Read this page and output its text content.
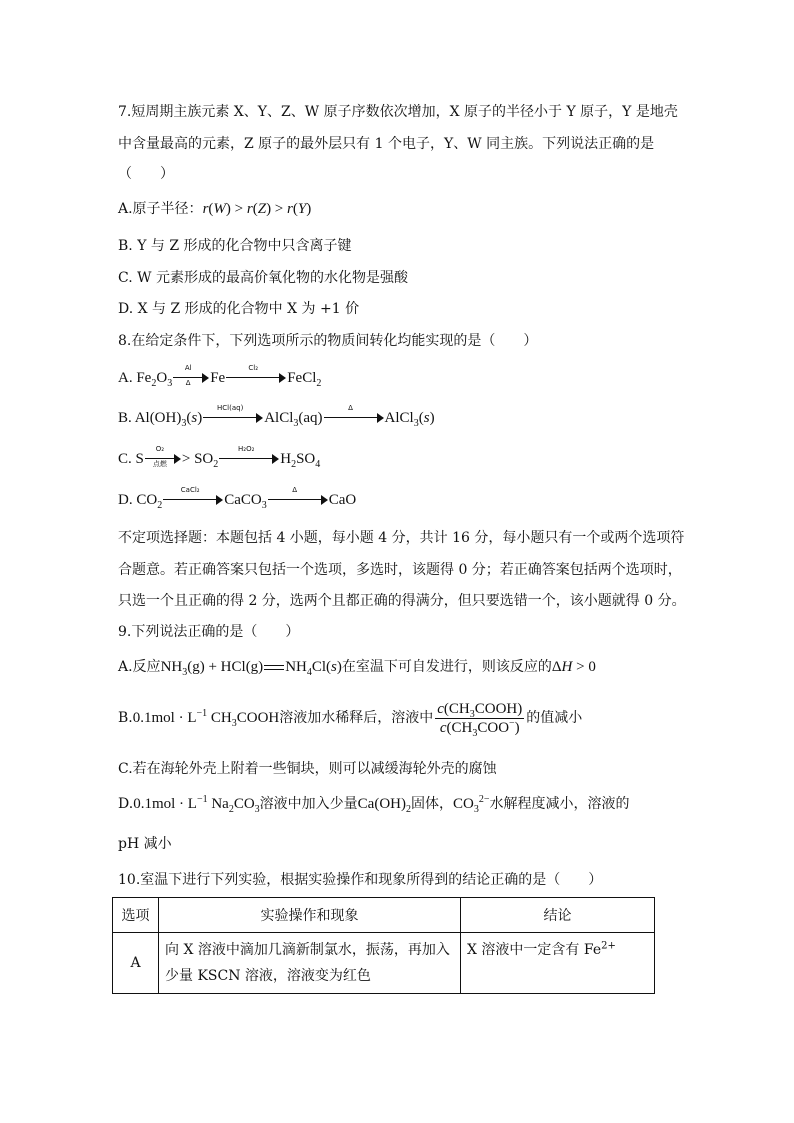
7.短周期主族元素 X、Y、Z、W 原子序数依次增加，X 原子的半径小于 Y 原子，Y 是地壳
中含量最高的元素，Z 原子的最外层只有 1 个电子，Y、W 同主族。下列说法正确的是
（　　）
A.原子半径：r(W) > r(Z) > r(Y)
B. Y 与 Z 形成的化合物中只含离子键
C. W 元素形成的最高价氧化物的水化物是强酸
D. X 与 Z 形成的化合物中 X 为 +1 价
8.在给定条件下，下列选项所示的物质间转化均能实现的是（　　）
A. $Fe_2O_3$
$\frac{Al}{\Delta}$ Fe
Cl₂
FeCl$_2$
B. $Al(OH)_3(s)$
HCl(aq)
AlCl$_3$(aq)
Δ
AlCl$_3$(s)
C. S
O₂
点燃	> $SO_2$
H₂O₂
$H_2SO_4$
D. $CO_2$
CaCl₂
CaCO$_3$
Δ
CaO
不定项选择题：本题包括 4 小题，每小题 4 分，共计 16 分，每小题只有一个或两个选项符
合题意。若正确答案只包括一个选项，多选时，该题得 0 分；若正确答案包括两个选项时，
只选一个且正确的得 2 分，选两个且都正确的得满分，但只要选错一个，该小题就得 0 分。
9.下列说法正确的是（　　）
A.反应$NH_3(g) + HCl(g)$ $NH_4Cl(s)$在室温下可自发进行，则该反应的ΔH > 0
$B.0.1mol \cdot L^{-1}$ $CH_3COOH$溶液加水稀释后，溶液中 $\frac{c(CH_3COOH)}{c(CH_3COO^-)}$ 的值减小
C.若在海轮外壳上附着一些铜块，则可以减缓海轮外壳的腐蚀
$D.0.1mol \cdot L^{-1}$ $Na_2CO_3$溶液中加入少量$Ca(OH)_2$固体，$CO_3^{2-}$水解程度减小，溶液的
pH 减小
10.室温下进行下列实验，根据实验操作和现象所得到的结论正确的是（　　）
选项	实验操作和现象	结论
A	向 X 溶液中滴加几滴新制氯水，振荡，再加入
少量 KSCN 溶液，溶液变为红色	X 溶液中一定含有 $Fe^{2+}$
